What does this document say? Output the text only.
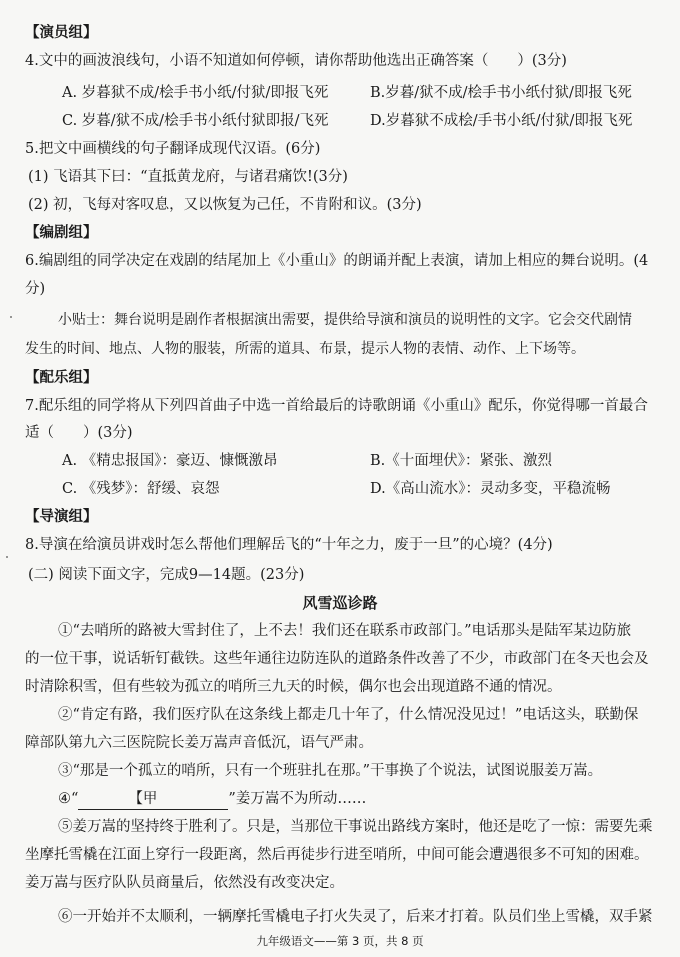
【演员组】
4.文中的画波浪线句，小语不知道如何停顿，请你帮助他选出正确答案（　　）(3分)
A. 岁暮狱不成/桧手书小纸/付狱/即报飞死	B.岁暮/狱不成/桧手书小纸付狱/即报飞死
C. 岁暮/狱不成/桧手书小纸付狱即报/飞死	D.岁暮狱不成桧/手书小纸/付狱/即报飞死
5.把文中画横线的句子翻译成现代汉语。(6分)
(1) 飞语其下曰：“直抵黄龙府，与诸君痛饮!(3分)
(2) 初，飞每对客叹息，又以恢复为己任，不肯附和议。(3分)
【编剧组】
6.编剧组的同学决定在戏剧的结尾加上《小重山》的朗诵并配上表演，请加上相应的舞台说明。(4
分)
小贴士：舞台说明是剧作者根据演出需要，提供给导演和演员的说明性的文字。它会交代剧情
发生的时间、地点、人物的服装，所需的道具、布景，提示人物的表情、动作、上下场等。
【配乐组】
7.配乐组的同学将从下列四首曲子中选一首给最后的诗歌朗诵《小重山》配乐，你觉得哪一首最合
适（　　）(3分)
A. 《精忠报国》：豪迈、慷慨激昂	B.《十面埋伏》：紧张、激烈
C. 《残梦》：舒缓、哀怨	D.《高山流水》：灵动多变，平稳流畅
【导演组】
8.导演在给演员讲戏时怎么帮他们理解岳飞的“十年之力，废于一旦”的心境？(4分)
(二) 阅读下面文字，完成9—14题。(23分)
风雪巡诊路
①“去哨所的路被大雪封住了，上不去！我们还在联系市政部门。”电话那头是陆军某边防旅
的一位干事，说话斩钉截铁。这些年通往边防连队的道路条件改善了不少，市政部门在冬天也会及
时清除积雪，但有些较为孤立的哨所三九天的时候，偶尔也会出现道路不通的情况。
②“肯定有路，我们医疗队在这条线上都走几十年了，什么情况没见过！”电话这头，联勤保
障部队第九六三医院院长姜万嵩声音低沉，语气严肃。
③“那是一个孤立的哨所，只有一个班驻扎在那。”干事换了个说法，试图说服姜万嵩。
④“	【甲	”姜万嵩不为所动……
⑤姜万嵩的坚持终于胜利了。只是，当那位干事说出路线方案时，他还是吃了一惊：需要先乘
坐摩托雪橇在江面上穿行一段距离，然后再徒步行进至哨所，中间可能会遭遇很多不可知的困难。
姜万嵩与医疗队队员商量后，依然没有改变决定。
⑥一开始并不太顺利，一辆摩托雪橇电子打火失灵了，后来才打着。队员们坐上雪橇，双手紧
九年级语文——第 3 页，共 8 页
